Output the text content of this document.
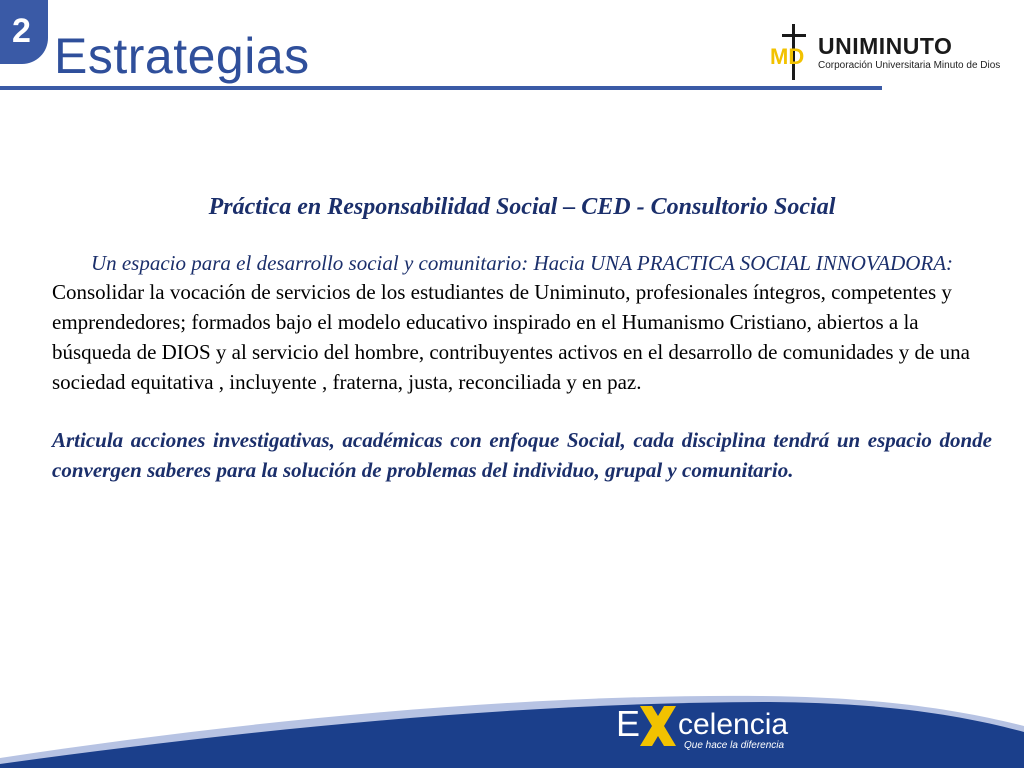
2 Estrategias	MD UNIMINUTO
Corporación Universitaria Minuto de Dios

Práctica en Responsabilidad Social – CED - Consultorio Social

Un espacio para el desarrollo social y comunitario: Hacia UNA PRACTICA SOCIAL INNOVADORA:

Consolidar la vocación de servicios de los estudiantes de Uniminuto, profesionales íntegros, competentes y emprendedores; formados bajo el modelo educativo inspirado en el Humanismo Cristiano, abiertos a la búsqueda de DIOS y al servicio del hombre, contribuyentes activos en el desarrollo de comunidades y de una sociedad equitativa , incluyente , fraterna, justa, reconciliada y en paz.

Articula acciones investigativas, académicas con enfoque Social, cada disciplina tendrá un espacio donde convergen saberes para la solución de problemas del individuo, grupal y comunitario.

E celencia
Que hace la diferencia
